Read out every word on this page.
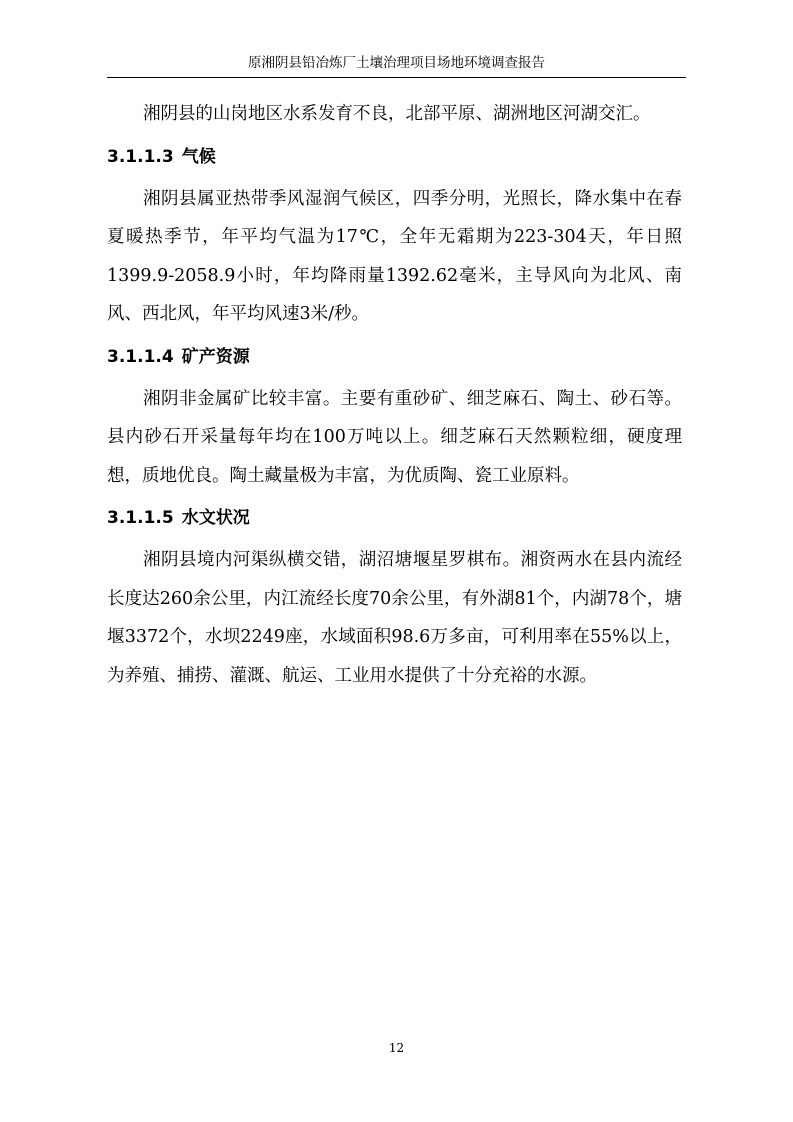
原湘阴县铅冶炼厂土壤治理项目场地环境调查报告

湘阴县的山岗地区水系发育不良，北部平原、湖洲地区河湖交汇。

3.1.1.3 气候

湘阴县属亚热带季风湿润气候区，四季分明，光照长，降水集中在春夏暖热季节，年平均气温为17℃，全年无霜期为223-304天，年日照1399.9-2058.9小时，年均降雨量1392.62毫米，主导风向为北风、南风、西北风，年平均风速3米/秒。

3.1.1.4 矿产资源

湘阴非金属矿比较丰富。主要有重砂矿、细芝麻石、陶土、砂石等。县内砂石开采量每年均在100万吨以上。细芝麻石天然颗粒细，硬度理想，质地优良。陶土藏量极为丰富，为优质陶、瓷工业原料。

3.1.1.5 水文状况

湘阴县境内河渠纵横交错，湖沼塘堰星罗棋布。湘资两水在县内流经长度达260余公里，内江流经长度70余公里，有外湖81个，内湖78个，塘堰3372个，水坝2249座，水域面积98.6万多亩，可利用率在55%以上，为养殖、捕捞、灌溉、航运、工业用水提供了十分充裕的水源。

12
